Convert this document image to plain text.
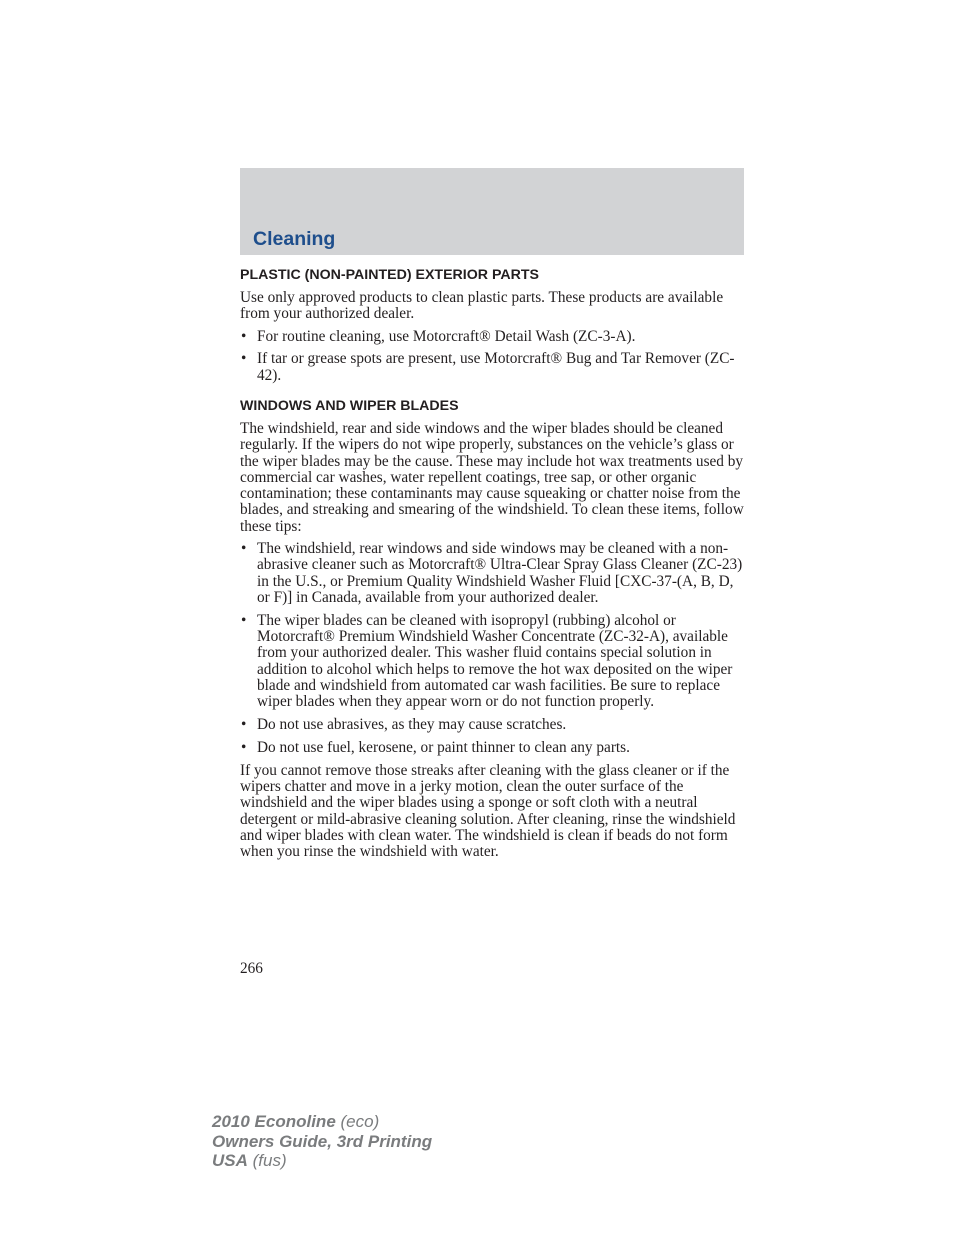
Cleaning
PLASTIC (NON-PAINTED) EXTERIOR PARTS

Use only approved products to clean plastic parts. These products are available from your authorized dealer.

• For routine cleaning, use Motorcraft® Detail Wash (ZC-3-A).
• If tar or grease spots are present, use Motorcraft® Bug and Tar Remover (ZC-42).
WINDOWS AND WIPER BLADES

The windshield, rear and side windows and the wiper blades should be cleaned regularly. If the wipers do not wipe properly, substances on the vehicle’s glass or the wiper blades may be the cause. These may include hot wax treatments used by commercial car washes, water repellent coatings, tree sap, or other organic contamination; these contaminants may cause squeaking or chatter noise from the blades, and streaking and smearing of the windshield. To clean these items, follow these tips:

• The windshield, rear windows and side windows may be cleaned with a non-abrasive cleaner such as Motorcraft® Ultra-Clear Spray Glass Cleaner (ZC-23) in the U.S., or Premium Quality Windshield Washer Fluid [CXC-37-(A, B, D, or F)] in Canada, available from your authorized dealer.
• The wiper blades can be cleaned with isopropyl (rubbing) alcohol or Motorcraft® Premium Windshield Washer Concentrate (ZC-32-A), available from your authorized dealer. This washer fluid contains special solution in addition to alcohol which helps to remove the hot wax deposited on the wiper blade and windshield from automated car wash facilities. Be sure to replace wiper blades when they appear worn or do not function properly.
• Do not use abrasives, as they may cause scratches.
• Do not use fuel, kerosene, or paint thinner to clean any parts.

If you cannot remove those streaks after cleaning with the glass cleaner or if the wipers chatter and move in a jerky motion, clean the outer surface of the windshield and the wiper blades using a sponge or soft cloth with a neutral detergent or mild-abrasive cleaning solution. After cleaning, rinse the windshield and wiper blades with clean water. The windshield is clean if beads do not form when you rinse the windshield with water.

266
2010 Econoline (eco)
Owners Guide, 3rd Printing
USA (fus)
